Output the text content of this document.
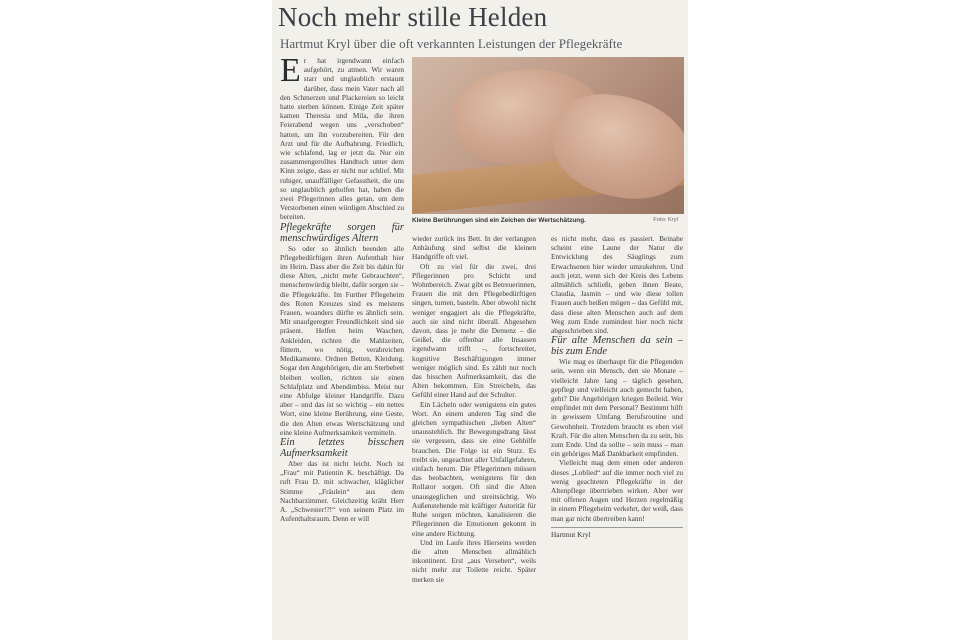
Noch mehr stille Helden
Hartmut Kryl über die oft verkannten Leistungen der Pflegekräfte

Er hat irgendwann einfach aufgehört, zu atmen. Wir waren starr und unglaublich erstaunt darüber, dass mein Vater nach all den Schmerzen und Plackereien so leicht hatte sterben können. Einige Zeit später kamen Theresia und Mila, die ihren Feierabend wegen uns „verschoben“ hatten, um ihn vorzubereiten. Für den Arzt und für die Aufbahrung. Friedlich, wie schlafend, lag er jetzt da. Nur ein zusammengerolltes Handtuch unter dem Kinn zeigte, dass er nicht nur schlief. Mit ruhiger, unauffälliger Gefasstheit, die uns so unglaublich geholfen hat, haben die zwei Pflegerinnen alles getan, um dem Verstorbenen einen würdigen Abschied zu bereiten.

Pflegekräfte sorgen für menschwürdiges Altern

So oder so ähnlich beenden alle Pflegebedürftigen ihren Aufenthalt hier im Heim. Dass aber die Zeit bis dahin für diese Alten, „nicht mehr Gebrauchten“, menschenwürdig bleibt, dafür sorgen sie – die Pflegekräfte. Im Further Pflegeheim des Roten Kreuzes sind es meistens Frauen, woanders dürfte es ähnlich sein. Mit unaufgeregter Freundlichkeit sind sie präsent. Helfen beim Waschen, Ankleiden, richten die Mahlzeiten, füttern, wo nötig, verabreichen Medikamente. Ordnen Betten, Kleidung. Sogar den Angehörigen, die am Sterbebett bleiben wollen, richten sie einen Schlafplatz und Abendimbiss. Meist nur eine Abfolge kleiner Handgriffe. Dazu aber – und das ist so wichtig – ein nettes Wort, eine kleine Berührung, eine Geste, die den Alten etwas Wertschätzung und eine kleine Aufmerksamkeit vermitteln.

Ein letztes bisschen Aufmerksamkeit

Aber das ist nicht leicht. Noch ist „Frau“ mit Patientin K. beschäftigt. Da ruft Frau D. mit schwacher, kläglicher Stimme „Fräulein“ aus dem Nachbarzimmer. Gleichzeitig kräht Herr A. „Schwester!?!“ von seinem Platz im Aufenthaltsraum. Denn er will

Kleine Berührungen sind ein Zeichen der Wertschätzung.	Foto: Kryl

wieder zurück ins Bett. In der verlangten Anhäufung sind selbst die kleinen Handgriffe oft viel.

Oft zu viel für die zwei, drei Pflegerinnen pro Schicht und Wohnbereich. Zwar gibt es Betreuerinnen, Frauen die mit den Pflegebedürftigen singen, turnen, basteln. Aber obwohl nicht weniger engagiert als die Pflegekräfte, auch sie sind nicht überall. Abgesehen davon, dass je mehr die Demenz – die Geißel, die offenbar alle Insassen irgendwann trifft –, fortschreitet, kognitive Beschäftigungen immer weniger möglich sind. Es zählt nur noch das bisschen Aufmerksamkeit, das die Alten bekommen. Ein Streicheln, das Gefühl einer Hand auf der Schulter.

Ein Lächeln oder wenigstens ein gutes Wort. An einem anderen Tag sind die gleichen sympathischen „lieben Alten“ unausstehlich. Ihr Bewegungsdrang lässt sie vergessen, dass sie eine Gehhilfe brauchen. Die Folge ist ein Sturz. Es treibt sie, ungeachtet aller Unfallgefahren, einfach herum. Die Pflegerinnen müssen das beobachten, wenigstens für den Rollator sorgen. Oft sind die Alten unausgeglichen und streitsüchtig. Wo Außenstehende mit kräftiger Autorität für Ruhe sorgen möchten, kanalisieren die Pflegerinnen die Emotionen gekonnt in eine andere Richtung.

Und im Laufe ihres Hierseins werden die alten Menschen allmählich inkontinent. Erst „aus Versehen“, weils nicht mehr zur Toilette reicht. Später merken sie

es nicht mehr, dass es passiert. Beinahe scheint eine Laune der Natur die Entwicklung des Säuglings zum Erwachsenen hier wieder umzukehren. Und auch jetzt, wenn sich der Kreis des Lebens allmählich schließt, geben ihnen Beate, Claudia, Jasmin – und wie diese tollen Frauen auch heißen mögen – das Gefühl mit, dass diese alten Menschen auch auf dem Weg zum Ende zumindest hier noch nicht abgeschrieben sind.

Für alte Menschen da sein – bis zum Ende

Wie mag es überhaupt für die Pflegenden sein, wenn ein Mensch, den sie Monate – vielleicht Jahre lang – täglich gesehen, gepflegt und vielleicht auch gemocht haben, geht? Die Angehörigen kriegen Beileid. Wer empfindet mit dem Personal? Bestimmt hilft in gewissem Umfang Berufsroutine und Gewohnheit. Trotzdem braucht es eben viel Kraft. Für die alten Menschen da zu sein, bis zum Ende. Und da sollte – sein muss – man ein gehöriges Maß Dankbarkeit empfinden.

Vielleicht mag dem einen oder anderen dieses „Loblied“ auf die immer noch viel zu wenig geachteten Pflegekräfte in der Altenpflege übertrieben wirken. Aber wer mit offenen Augen und Herzen regelmäßig in einem Pflegeheim verkehrt, der weiß, dass man gar nicht übertreiben kann!

Hartmut Kryl
